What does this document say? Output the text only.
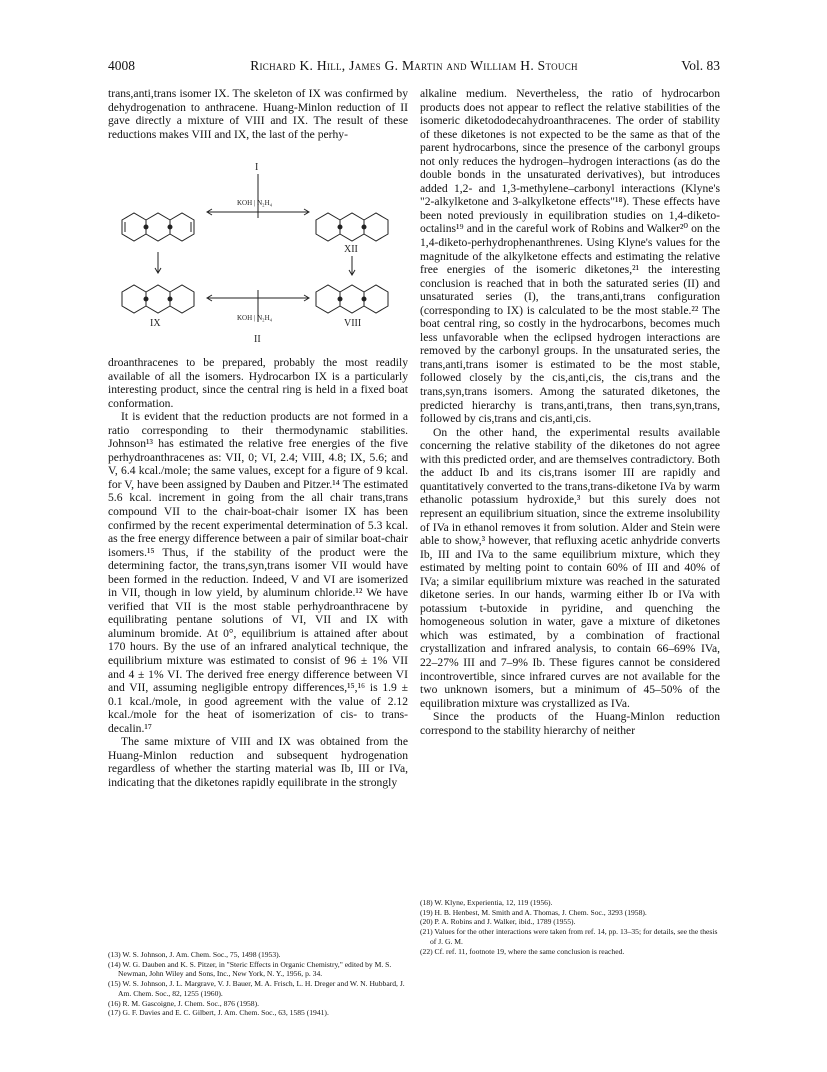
4008	Richard K. Hill, James G. Martin and William H. Stouch	Vol. 83

trans,anti,trans isomer IX. The skeleton of IX was confirmed by dehydrogenation to anthracene. Huang-Minlon reduction of II gave directly a mixture of VIII and IX. The result of these reductions makes VIII and IX, the last of the perhy-

I
KOH | N₂H₄
XII
IX	KOH | N₂H₄	VIII
II

droanthracenes to be prepared, probably the most readily available of all the isomers. Hydrocarbon IX is a particularly interesting product, since the central ring is held in a fixed boat conformation.

It is evident that the reduction products are not formed in a ratio corresponding to their thermodynamic stabilities. Johnson¹³ has estimated the relative free energies of the five perhydroanthracenes as: VII, 0; VI, 2.4; VIII, 4.8; IX, 5.6; and V, 6.4 kcal./mole; the same values, except for a figure of 9 kcal. for V, have been assigned by Dauben and Pitzer.¹⁴ The estimated 5.6 kcal. increment in going from the all chair trans,trans compound VII to the chair-boat-chair isomer IX has been confirmed by the recent experimental determination of 5.3 kcal. as the free energy difference between a pair of similar boat-chair isomers.¹⁵ Thus, if the stability of the product were the determining factor, the trans,syn,trans isomer VII would have been formed in the reduction. Indeed, V and VI are isomerized in VII, though in low yield, by aluminum chloride.¹² We have verified that VII is the most stable perhydroanthracene by equilibrating pentane solutions of VI, VII and IX with aluminum bromide. At 0°, equilibrium is attained after about 170 hours. By the use of an infrared analytical technique, the equilibrium mixture was estimated to consist of 96 ± 1% VII and 4 ± 1% VI. The derived free energy difference between VI and VII, assuming negligible entropy differences,¹⁵,¹⁶ is 1.9 ± 0.1 kcal./mole, in good agreement with the value of 2.12 kcal./mole for the heat of isomerization of cis- to trans-decalin.¹⁷

The same mixture of VIII and IX was obtained from the Huang-Minlon reduction and subsequent hydrogenation regardless of whether the starting material was Ib, III or IVa, indicating that the diketones rapidly equilibrate in the strongly

alkaline medium. Nevertheless, the ratio of hydrocarbon products does not appear to reflect the relative stabilities of the isomeric diketododecahydroanthracenes. The order of stability of these diketones is not expected to be the same as that of the parent hydrocarbons, since the presence of the carbonyl groups not only reduces the hydrogen–hydrogen interactions (as do the double bonds in the unsaturated derivatives), but introduces added 1,2- and 1,3-methylene–carbonyl interactions (Klyne's "2-alkylketone and 3-alkylketone effects"¹⁸). These effects have been noted previously in equilibration studies on 1,4-diketo-octalins¹⁹ and in the careful work of Robins and Walker²⁰ on the 1,4-diketo-perhydrophenanthrenes. Using Klyne's values for the magnitude of the alkylketone effects and estimating the relative free energies of the isomeric diketones,²¹ the interesting conclusion is reached that in both the saturated series (II) and unsaturated series (I), the trans,anti,trans configuration (corresponding to IX) is calculated to be the most stable.²² The boat central ring, so costly in the hydrocarbons, becomes much less unfavorable when the eclipsed hydrogen interactions are removed by the carbonyl groups. In the unsaturated series, the trans,anti,trans isomer is estimated to be the most stable, followed closely by the cis,anti,cis, the cis,trans and the trans,syn,trans isomers. Among the saturated diketones, the predicted hierarchy is trans,anti,trans, then trans,syn,trans, followed by cis,trans and cis,anti,cis.

On the other hand, the experimental results available concerning the relative stability of the diketones do not agree with this predicted order, and are themselves contradictory. Both the adduct Ib and its cis,trans isomer III are rapidly and quantitatively converted to the trans,trans-diketone IVa by warm ethanolic potassium hydroxide,³ but this surely does not represent an equilibrium situation, since the extreme insolubility of IVa in ethanol removes it from solution. Alder and Stein were able to show,³ however, that refluxing acetic anhydride converts Ib, III and IVa to the same equilibrium mixture, which they estimated by melting point to contain 60% of III and 40% of IVa; a similar equilibrium mixture was reached in the saturated diketone series. In our hands, warming either Ib or IVa with potassium t-butoxide in pyridine, and quenching the homogeneous solution in water, gave a mixture of diketones which was estimated, by a combination of fractional crystallization and infrared analysis, to contain 66–69% IVa, 22–27% III and 7–9% Ib. These figures cannot be considered incontrovertible, since infrared curves are not available for the two unknown isomers, but a minimum of 45–50% of the equilibration mixture was crystallized as IVa.

Since the products of the Huang-Minlon reduction correspond to the stability hierarchy of neither

(13) W. S. Johnson, J. Am. Chem. Soc., 75, 1498 (1953).

(14) W. G. Dauben and K. S. Pitzer, in "Steric Effects in Organic Chemistry," edited by M. S. Newman, John Wiley and Sons, Inc., New York, N. Y., 1956, p. 34.

(15) W. S. Johnson, J. L. Margrave, V. J. Bauer, M. A. Frisch, L. H. Dreger and W. N. Hubbard, J. Am. Chem. Soc., 82, 1255 (1960).

(16) R. M. Gascoigne, J. Chem. Soc., 876 (1958).

(17) G. F. Davies and E. C. Gilbert, J. Am. Chem. Soc., 63, 1585 (1941).

(18) W. Klyne, Experientia, 12, 119 (1956).

(19) H. B. Henbest, M. Smith and A. Thomas, J. Chem. Soc., 3293 (1958).

(20) P. A. Robins and J. Walker, ibid., 1789 (1955).

(21) Values for the other interactions were taken from ref. 14, pp. 13–35; for details, see the thesis of J. G. M.

(22) Cf. ref. 11, footnote 19, where the same conclusion is reached.
